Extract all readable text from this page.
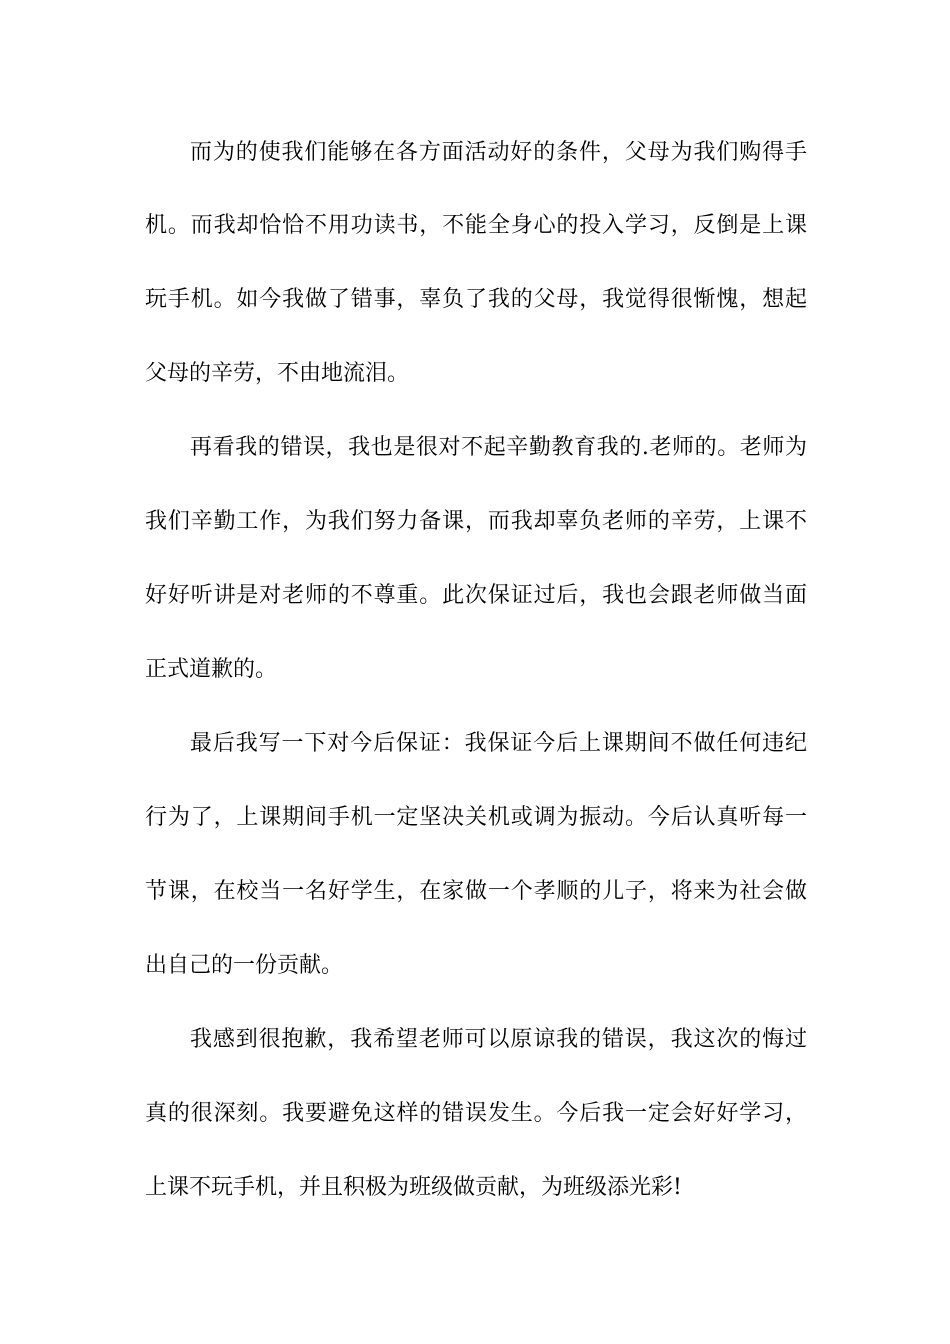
而为的使我们能够在各方面活动好的条件，父母为我们购得手

机。而我却恰恰不用功读书，不能全身心的投入学习，反倒是上课

玩手机。如今我做了错事，辜负了我的父母，我觉得很惭愧，想起

父母的辛劳，不由地流泪。

再看我的错误，我也是很对不起辛勤教育我的.老师的。老师为

我们辛勤工作，为我们努力备课，而我却辜负老师的辛劳，上课不

好好听讲是对老师的不尊重。此次保证过后，我也会跟老师做当面

正式道歉的。

最后我写一下对今后保证：我保证今后上课期间不做任何违纪

行为了，上课期间手机一定坚决关机或调为振动。今后认真听每一

节课，在校当一名好学生，在家做一个孝顺的儿子，将来为社会做

出自己的一份贡献。

我感到很抱歉，我希望老师可以原谅我的错误，我这次的悔过

真的很深刻。我要避免这样的错误发生。今后我一定会好好学习，

上课不玩手机，并且积极为班级做贡献，为班级添光彩!
